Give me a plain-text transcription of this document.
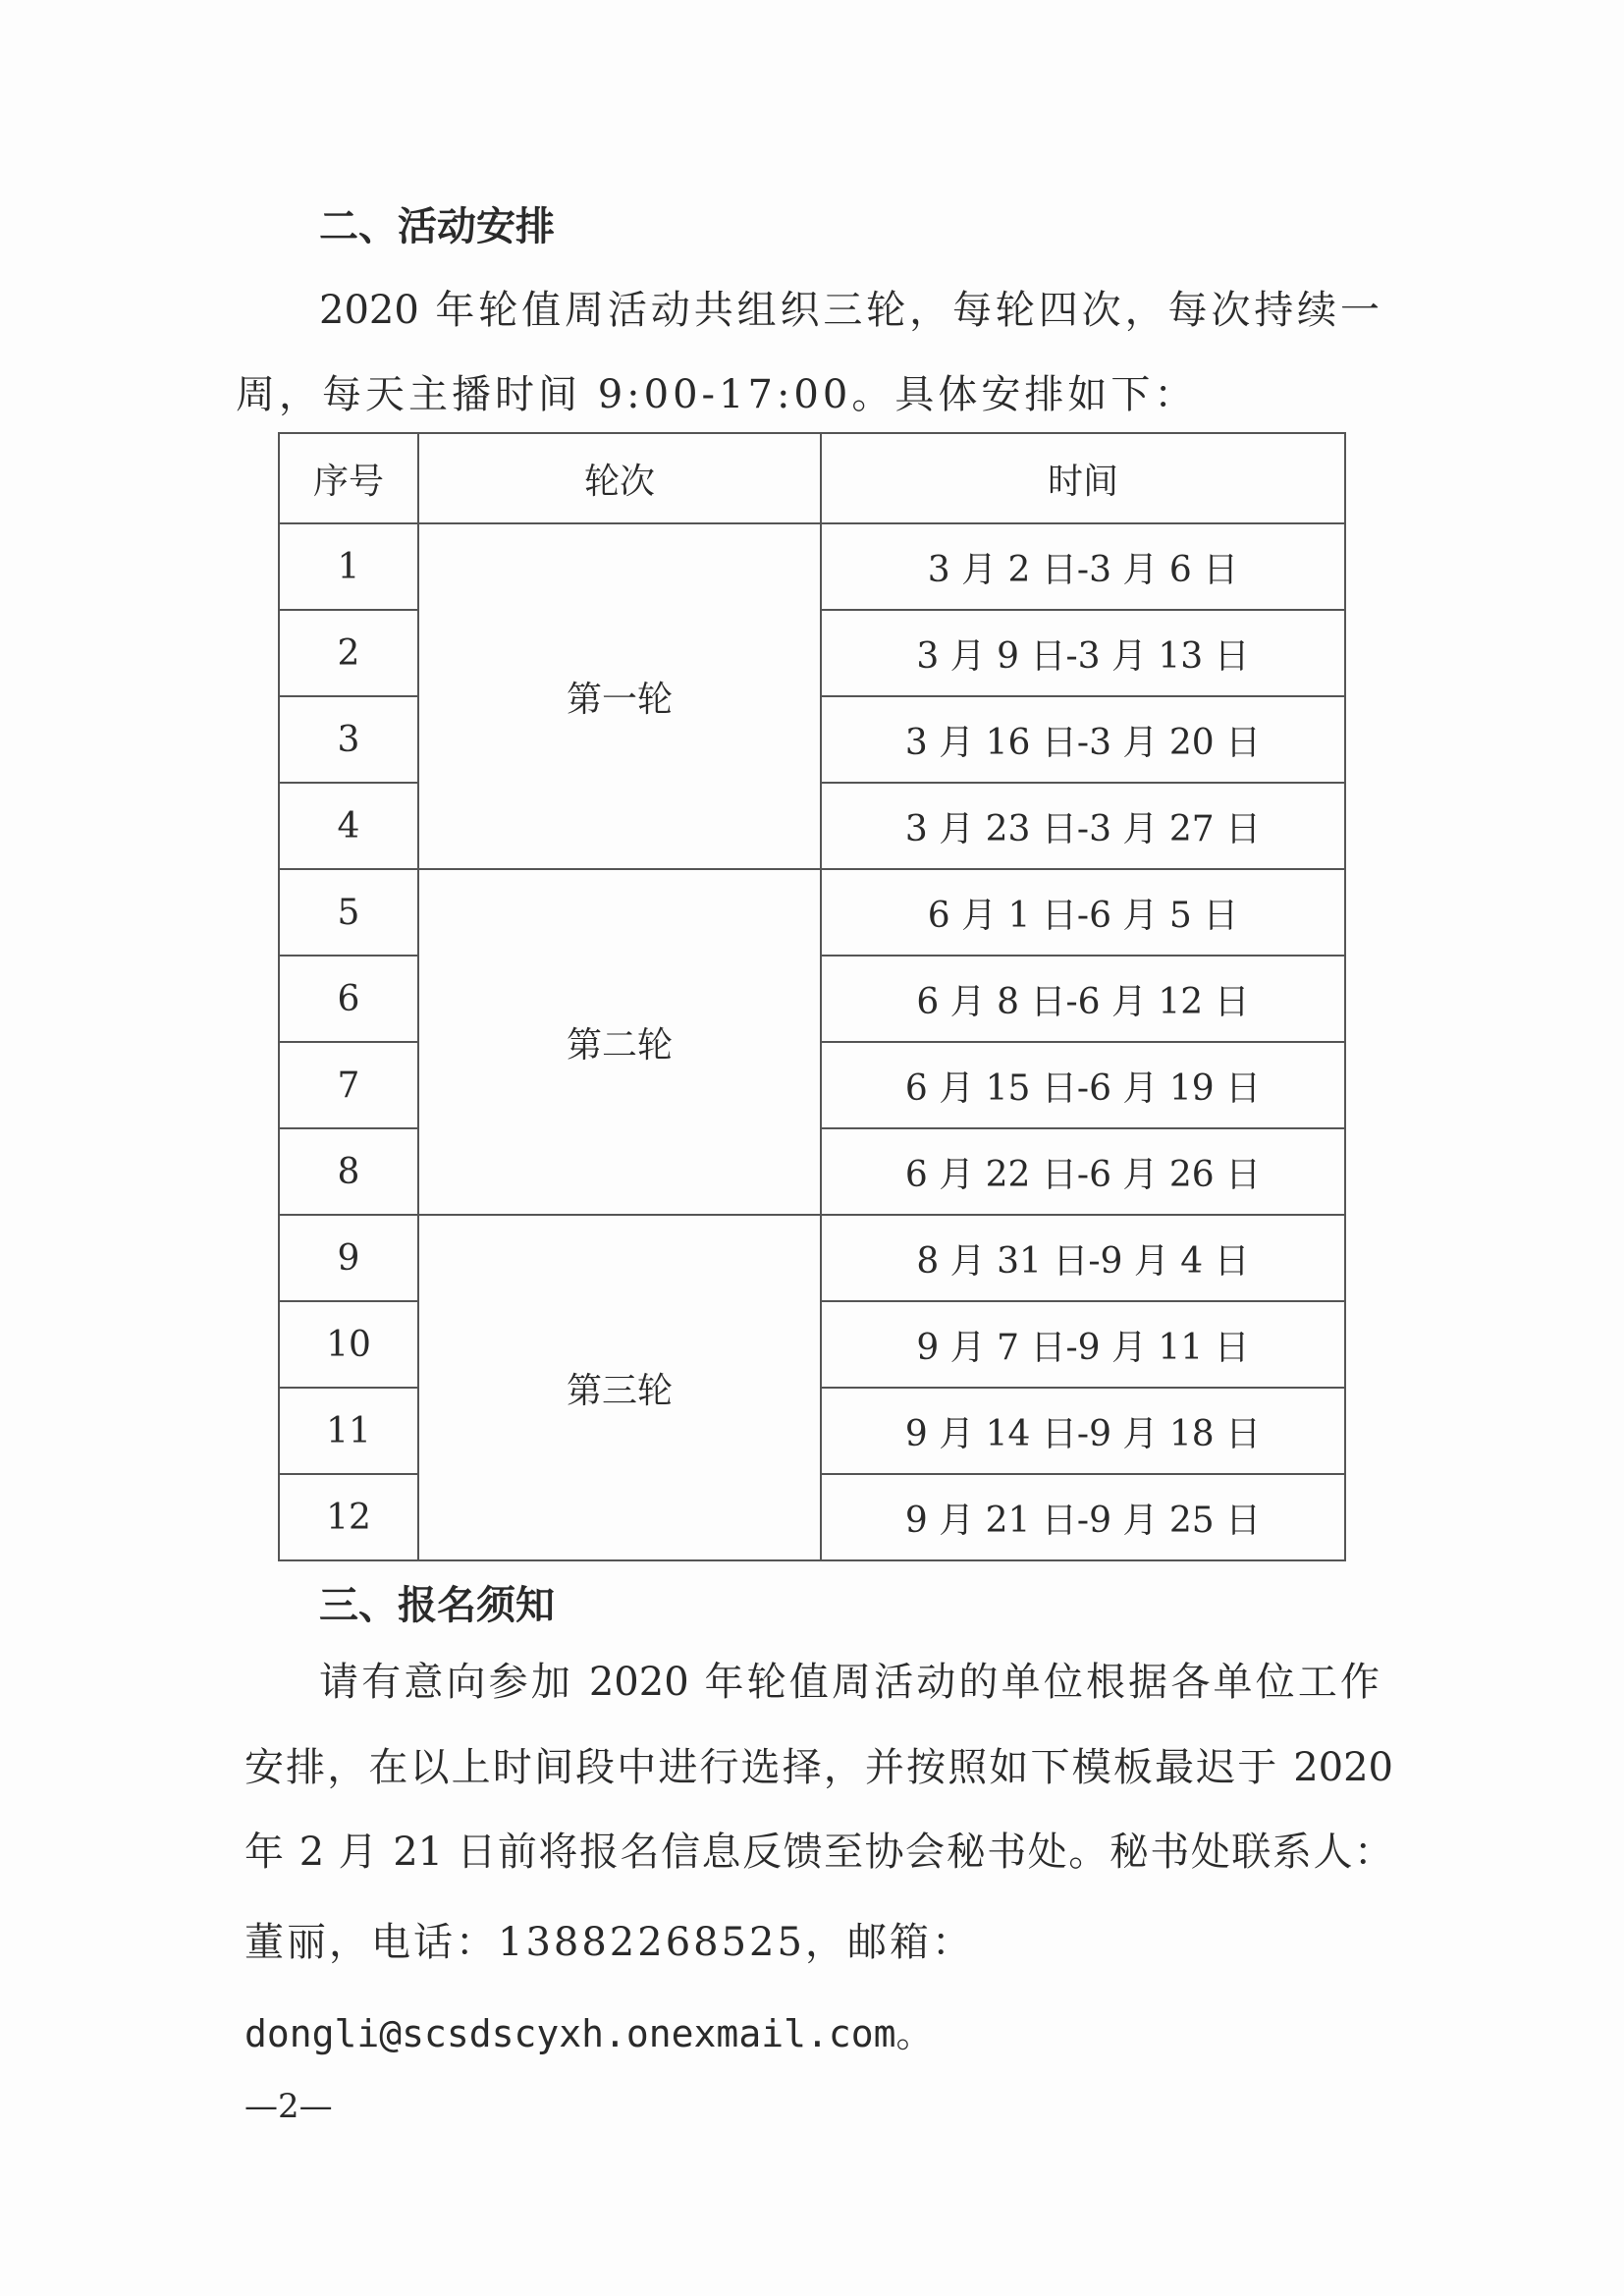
二、活动安排
2020 年轮值周活动共组织三轮，每轮四次，每次持续一
周，每天主播时间 9:00-17:00。具体安排如下：
序号	轮次	时间
1	第一轮	3 月 2 日-3 月 6 日
2		3 月 9 日-3 月 13 日
3		3 月 16 日-3 月 20 日
4		3 月 23 日-3 月 27 日
5	第二轮	6 月 1 日-6 月 5 日
6		6 月 8 日-6 月 12 日
7		6 月 15 日-6 月 19 日
8		6 月 22 日-6 月 26 日
9	第三轮	8 月 31 日-9 月 4 日
10		9 月 7 日-9 月 11 日
11		9 月 14 日-9 月 18 日
12		9 月 21 日-9 月 25 日
三、报名须知
请有意向参加 2020 年轮值周活动的单位根据各单位工作
安排，在以上时间段中进行选择，并按照如下模板最迟于 2020
年 2 月 21 日前将报名信息反馈至协会秘书处。秘书处联系人：
董丽，电话：13882268525，邮箱：
dongli@scsdscyxh.onexmail.com。
—2—
